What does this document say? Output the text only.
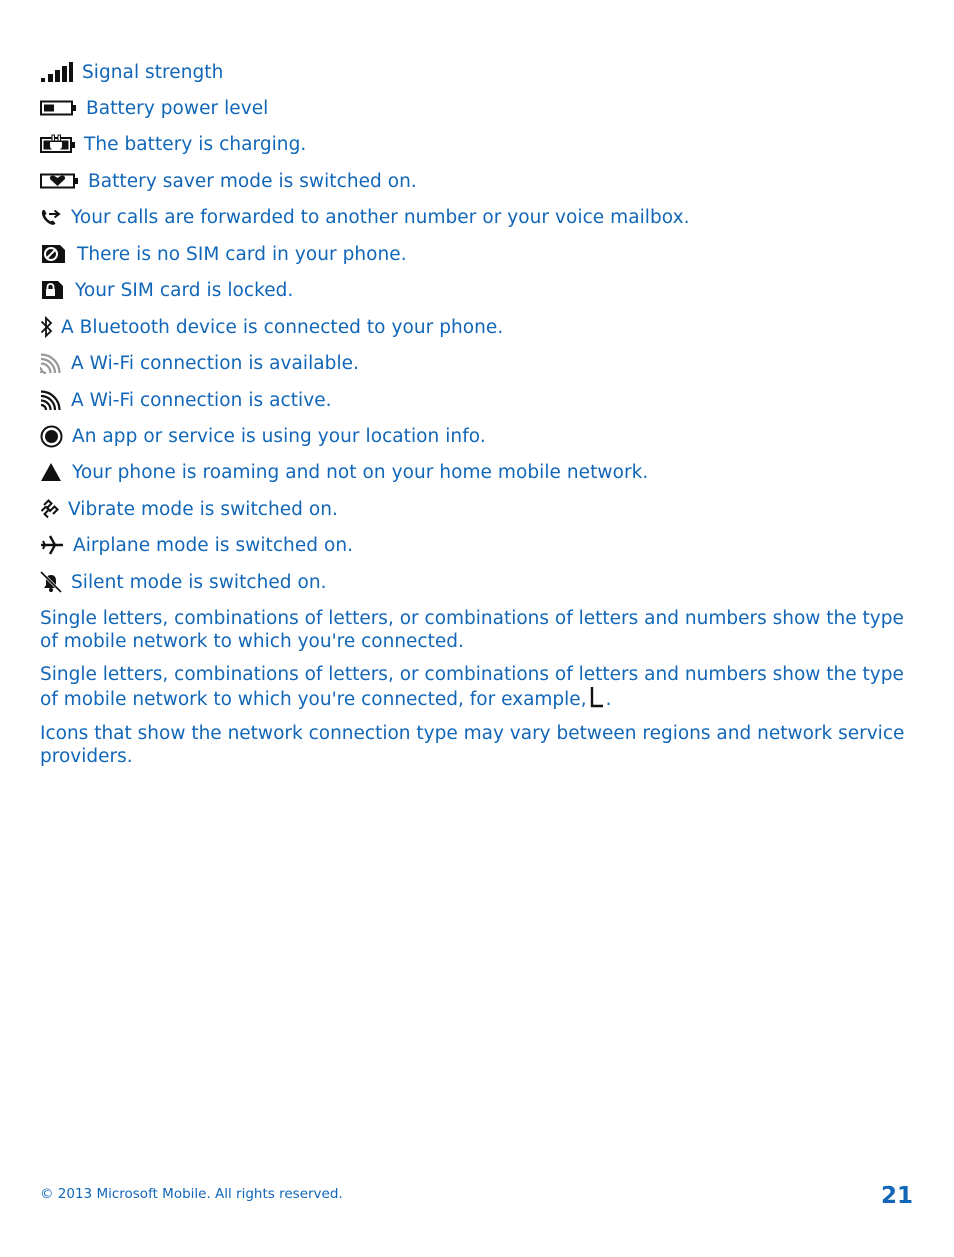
Signal strength
Battery power level
The battery is charging.
Battery saver mode is switched on.
Your calls are forwarded to another number or your voice mailbox.
There is no SIM card in your phone.
Your SIM card is locked.
A Bluetooth device is connected to your phone.
A Wi-Fi connection is available.
A Wi-Fi connection is active.
An app or service is using your location info.
Your phone is roaming and not on your home mobile network.
Vibrate mode is switched on.
Airplane mode is switched on.
Silent mode is switched on.

Single letters, combinations of letters, or combinations of letters and numbers show the type of mobile network to which you're connected.

Single letters, combinations of letters, or combinations of letters and numbers show the type of mobile network to which you're connected, for example, .

Icons that show the network connection type may vary between regions and network service providers.

© 2013 Microsoft Mobile. All rights reserved.	21
